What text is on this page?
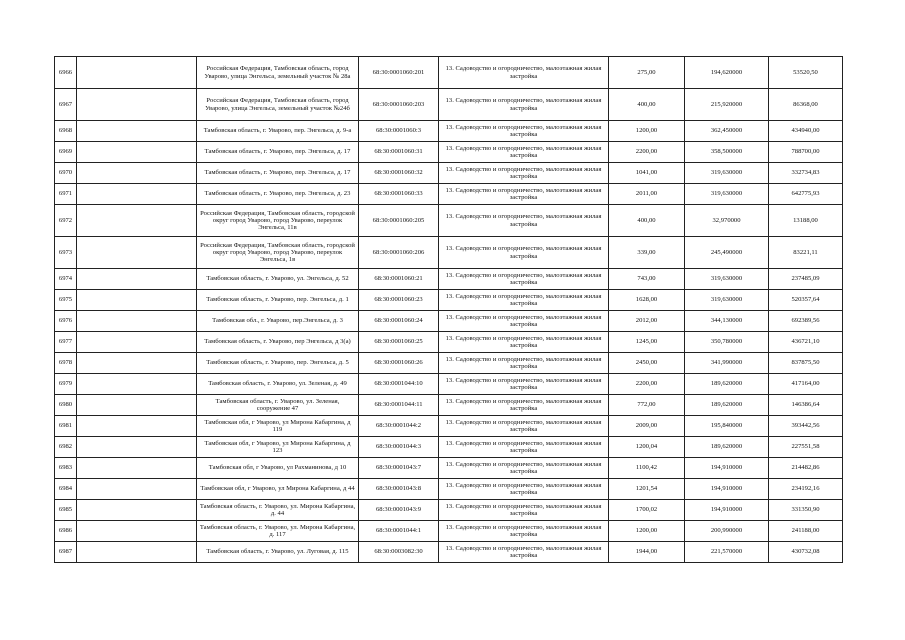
6966		Российская Федерация, Тамбовская область, город Уварово, улица Энгельса, земельный участок № 28а	68:30:0001060:201	13. Садоводство и огородничество, малоэтажная жилая застройка	275,00	194,620000	53520,50
6967		Российская Федерация, Тамбовская область, город Уварово, улица Энгельса, земельный участок №24б	68:30:0001060:203	13. Садоводство и огородничество, малоэтажная жилая застройка	400,00	215,920000	86368,00
6968		Тамбовская область, г. Уварово, пер. Энгельса, д. 9-а	68:30:0001060:3	13. Садоводство и огородничество, малоэтажная жилая застройка	1200,00	362,450000	434940,00
6969		Тамбовская область, г. Уварово, пер. Энгельса, д. 17	68:30:0001060:31	13. Садоводство и огородничество, малоэтажная жилая застройка	2200,00	358,500000	788700,00
6970		Тамбовская область, г. Уварово, пер. Энгельса, д. 17	68:30:0001060:32	13. Садоводство и огородничество, малоэтажная жилая застройка	1041,00	319,630000	332734,83
6971		Тамбовская область, г. Уварово, пер. Энгельса, д. 23	68:30:0001060:33	13. Садоводство и огородничество, малоэтажная жилая застройка	2011,00	319,630000	642775,93
6972		Российская Федерация, Тамбовская область, городской округ город Уварово, город Уварово, переулок Энгельса, 11в	68:30:0001060:205	13. Садоводство и огородничество, малоэтажная жилая застройка	400,00	32,970000	13188,00
6973		Российская Федерация, Тамбовская область, городской округ город Уварово, город Уварово, переулок Энгельса, 1в	68:30:0001060:206	13. Садоводство и огородничество, малоэтажная жилая застройка	339,00	245,490000	83221,11
6974		Тамбовская область, г. Уварово, ул. Энгельса, д. 52	68:30:0001060:21	13. Садоводство и огородничество, малоэтажная жилая застройка	743,00	319,630000	237485,09
6975		Тамбовская область, г. Уварово, пер. Энгельса, д. 1	68:30:0001060:23	13. Садоводство и огородничество, малоэтажная жилая застройка	1628,00	319,630000	520357,64
6976		Тамбовская обл., г. Уварово, пер.Энгельса, д. 3	68:30:0001060:24	13. Садоводство и огородничество, малоэтажная жилая застройка	2012,00	344,130000	692389,56
6977		Тамбовская область, г. Уварово, пер Энгельса, д 3(а)	68:30:0001060:25	13. Садоводство и огородничество, малоэтажная жилая застройка	1245,00	350,780000	436721,10
6978		Тамбовская область, г. Уварово, пер. Энгельса, д. 5	68:30:0001060:26	13. Садоводство и огородничество, малоэтажная жилая застройка	2450,00	341,990000	837875,50
6979		Тамбовская область, г. Уварово, ул. Зеленая, д. 49	68:30:0001044:10	13. Садоводство и огородничество, малоэтажная жилая застройка	2200,00	189,620000	417164,00
6980		Тамбовская область, г. Уварово, ул. Зеленая, сооружение 47	68:30:0001044:11	13. Садоводство и огородничество, малоэтажная жилая застройка	772,00	189,620000	146386,64
6981		Тамбовская обл, г Уварово, ул Мирона Кабаргина, д 119	68:30:0001044:2	13. Садоводство и огородничество, малоэтажная жилая застройка	2009,00	195,840000	393442,56
6982		Тамбовская обл, г Уварово, ул Мирона Кабаргина, д 123	68:30:0001044:3	13. Садоводство и огородничество, малоэтажная жилая застройка	1200,04	189,620000	227551,58
6983		Тамбовская обл, г Уварово, ул Рахманинова, д 10	68:30:0001043:7	13. Садоводство и огородничество, малоэтажная жилая застройка	1100,42	194,910000	214482,86
6984		Тамбовская обл, г Уварово, ул Мирона Кабаргина, д 44	68:30:0001043:8	13. Садоводство и огородничество, малоэтажная жилая застройка	1201,54	194,910000	234192,16
6985		Тамбовская область, г. Уварово, ул. Мирона Кабаргина, д. 44	68:30:0001043:9	13. Садоводство и огородничество, малоэтажная жилая застройка	1700,02	194,910000	331350,90
6986		Тамбовская область, г. Уварово, ул. Мирона Кабаргина, д. 117	68:30:0001044:1	13. Садоводство и огородничество, малоэтажная жилая застройка	1200,00	200,990000	241188,00
6987		Тамбовская область, г. Уварово, ул. Луговая, д. 115	68:30:0003082:30	13. Садоводство и огородничество, малоэтажная жилая застройка	1944,00	221,570000	430732,08
